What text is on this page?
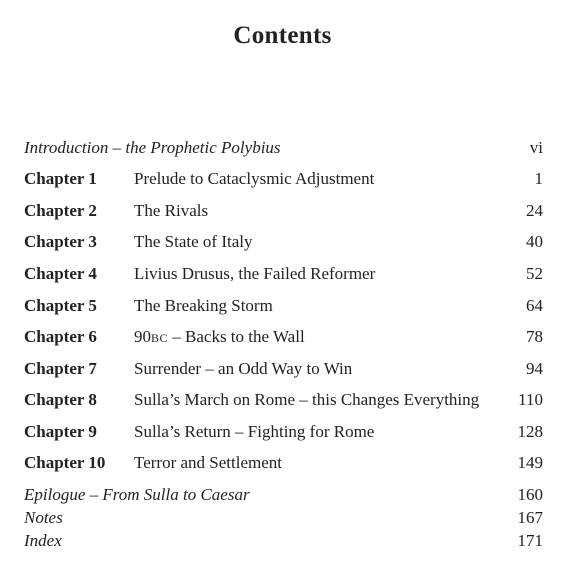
Contents
Introduction – the Prophetic Polybius	vi
Chapter 1 Prelude to Cataclysmic Adjustment	1
Chapter 2 The Rivals	24
Chapter 3 The State of Italy	40
Chapter 4 Livius Drusus, the Failed Reformer	52
Chapter 5 The Breaking Storm	64
Chapter 6 90BC – Backs to the Wall	78
Chapter 7 Surrender – an Odd Way to Win	94
Chapter 8 Sulla’s March on Rome – this Changes Everything 110
Chapter 9 Sulla’s Return – Fighting for Rome	128
Chapter 10 Terror and Settlement	149
Epilogue – From Sulla to Caesar	160
Notes	167
Index	171
